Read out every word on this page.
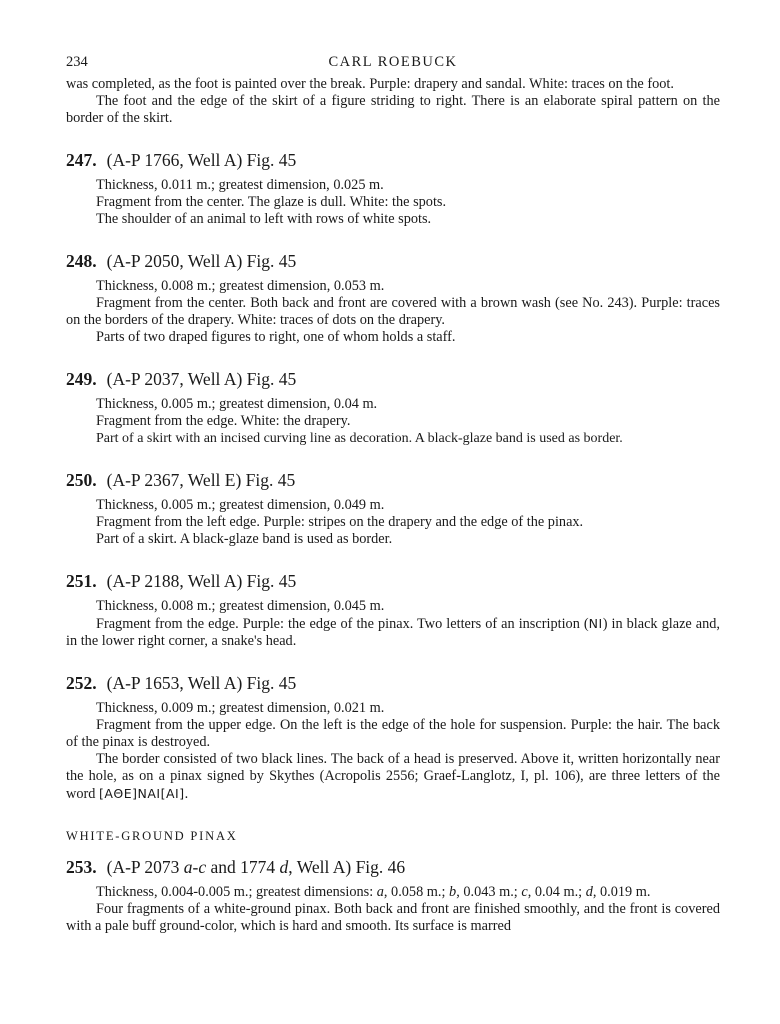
234	CARL ROEBUCK

was completed, as the foot is painted over the break. Purple: drapery and sandal. White: traces on the foot.

The foot and the edge of the skirt of a figure striding to right. There is an elaborate spiral pattern on the border of the skirt.

247. (A-P 1766, Well A) Fig. 45

Thickness, 0.011 m.; greatest dimension, 0.025 m.

Fragment from the center. The glaze is dull. White: the spots.

The shoulder of an animal to left with rows of white spots.

248. (A-P 2050, Well A) Fig. 45

Thickness, 0.008 m.; greatest dimension, 0.053 m.

Fragment from the center. Both back and front are covered with a brown wash (see No. 243). Purple: traces on the borders of the drapery. White: traces of dots on the drapery.

Parts of two draped figures to right, one of whom holds a staff.

249. (A-P 2037, Well A) Fig. 45

Thickness, 0.005 m.; greatest dimension, 0.04 m.

Fragment from the edge. White: the drapery.

Part of a skirt with an incised curving line as decoration. A black-glaze band is used as border.

250. (A-P 2367, Well E) Fig. 45

Thickness, 0.005 m.; greatest dimension, 0.049 m.

Fragment from the left edge. Purple: stripes on the drapery and the edge of the pinax.

Part of a skirt. A black-glaze band is used as border.

251. (A-P 2188, Well A) Fig. 45

Thickness, 0.008 m.; greatest dimension, 0.045 m.

Fragment from the edge. Purple: the edge of the pinax. Two letters of an inscription (NI) in black glaze and, in the lower right corner, a snake's head.

252. (A-P 1653, Well A) Fig. 45

Thickness, 0.009 m.; greatest dimension, 0.021 m.

Fragment from the upper edge. On the left is the edge of the hole for suspension. Purple: the hair. The back of the pinax is destroyed.

The border consisted of two black lines. The back of a head is preserved. Above it, written horizontally near the hole, as on a pinax signed by Skythes (Acropolis 2556; Graef-Langlotz, I, pl. 106), are three letters of the word [AΘE]NAI[AI].

WHITE-GROUND PINAX
253. (A-P 2073 a-c and 1774 d, Well A) Fig. 46

Thickness, 0.004-0.005 m.; greatest dimensions: a, 0.058 m.; b, 0.043 m.; c, 0.04 m.; d, 0.019 m.

Four fragments of a white-ground pinax. Both back and front are finished smoothly, and the front is covered with a pale buff ground-color, which is hard and smooth. Its surface is marred
